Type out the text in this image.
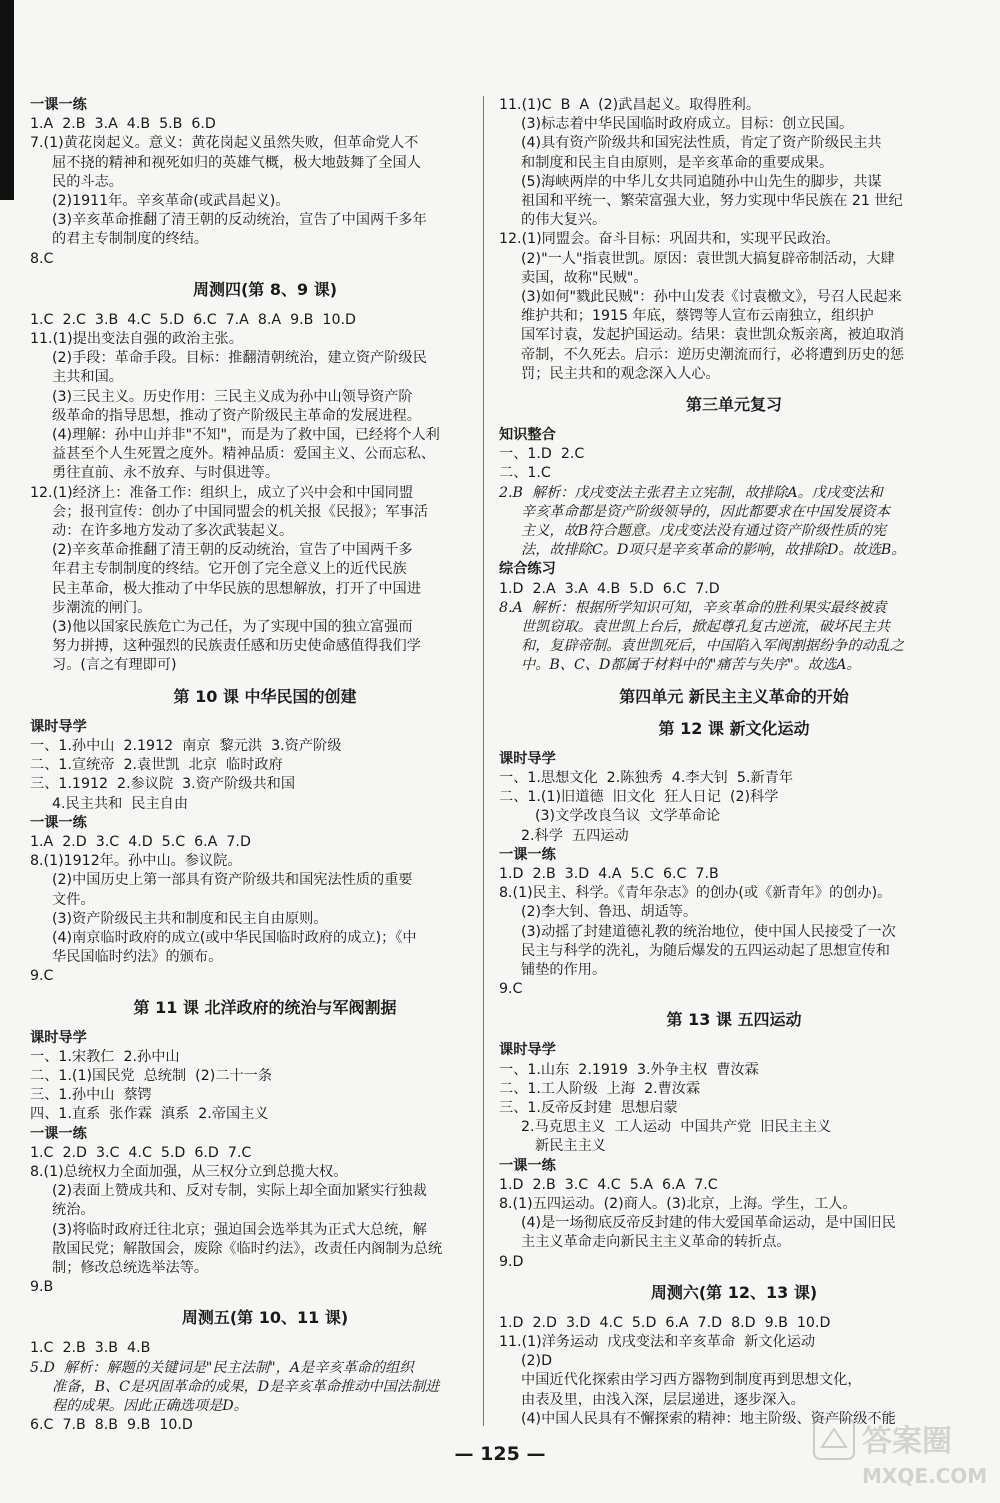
一课一练
1.A  2.B  3.A  4.B  5.B  6.D
7.(1)黄花岗起义。意义：黄花岗起义虽然失败，但革命党人不
屈不挠的精神和视死如归的英雄气概，极大地鼓舞了全国人
民的斗志。
(2)1911年。辛亥革命(或武昌起义)。
(3)辛亥革命推翻了清王朝的反动统治，宣告了中国两千多年
的君主专制制度的终结。
8.C
周测四(第 8、9 课)
1.C  2.C  3.B  4.C  5.D  6.C  7.A  8.A  9.B  10.D
11.(1)提出变法自强的政治主张。
(2)手段：革命手段。目标：推翻清朝统治，建立资产阶级民
主共和国。
(3)三民主义。历史作用：三民主义成为孙中山领导资产阶
级革命的指导思想，推动了资产阶级民主革命的发展进程。
(4)理解：孙中山并非"不知"，而是为了救中国，已经将个人利
益甚至个人生死置之度外。精神品质：爱国主义、公而忘私、
勇往直前、永不放弃、与时俱进等。
12.(1)经济上：准备工作：组织上，成立了兴中会和中国同盟
会；报刊宣传：创办了中国同盟会的机关报《民报》；军事活
动：在许多地方发动了多次武装起义。
(2)辛亥革命推翻了清王朝的反动统治，宣告了中国两千多
年君主专制制度的终结。它开创了完全意义上的近代民族
民主革命，极大推动了中华民族的思想解放，打开了中国进
步潮流的闸门。
(3)他以国家民族危亡为己任，为了实现中国的独立富强而
努力拼搏，这种强烈的民族责任感和历史使命感值得我们学
习。(言之有理即可)
第 10 课 中华民国的创建
课时导学
一、1.孙中山  2.1912  南京  黎元洪  3.资产阶级
二、1.宣统帝  2.袁世凯  北京  临时政府
三、1.1912  2.参议院  3.资产阶级共和国
4.民主共和  民主自由
一课一练
1.A  2.D  3.C  4.D  5.C  6.A  7.D
8.(1)1912年。孙中山。参议院。
(2)中国历史上第一部具有资产阶级共和国宪法性质的重要
文件。
(3)资产阶级民主共和制度和民主自由原则。
(4)南京临时政府的成立(或中华民国临时政府的成立)；《中
华民国临时约法》的颁布。
9.C
第 11 课 北洋政府的统治与军阀割据
课时导学
一、1.宋教仁  2.孙中山
二、1.(1)国民党  总统制  (2)二十一条
三、1.孙中山  蔡锷
四、1.直系  张作霖  滇系  2.帝国主义
一课一练
1.C  2.D  3.C  4.C  5.D  6.D  7.C
8.(1)总统权力全面加强，从三权分立到总揽大权。
(2)表面上赞成共和、反对专制，实际上却全面加紧实行独裁
统治。
(3)将临时政府迁往北京；强迫国会选举其为正式大总统，解
散国民党；解散国会，废除《临时约法》，改责任内阁制为总统
制；修改总统选举法等。
9.B
周测五(第 10、11 课)
1.C  2.B  3.B  4.B
5.D  解析：解题的关键词是"民主法制"，A是辛亥革命的组织
准备，B、C是巩固革命的成果，D是辛亥革命推动中国法制进
程的成果。因此正确选项是D。
6.C  7.B  8.B  9.B  10.D
11.(1)C  B  A  (2)武昌起义。取得胜利。
(3)标志着中华民国临时政府成立。目标：创立民国。
(4)具有资产阶级共和国宪法性质，肯定了资产阶级民主共
和制度和民主自由原则，是辛亥革命的重要成果。
(5)海峡两岸的中华儿女共同追随孙中山先生的脚步，共谋
祖国和平统一、繁荣富强大业，努力实现中华民族在 21 世纪
的伟大复兴。
12.(1)同盟会。奋斗目标：巩固共和，实现平民政治。
(2)"一人"指袁世凯。原因：袁世凯大搞复辟帝制活动，大肆
卖国，故称"民贼"。
(3)如何"戮此民贼"：孙中山发表《讨袁檄文》，号召人民起来
维护共和；1915 年底，蔡锷等人宣布云南独立，组织护
国军讨袁，发起护国运动。结果：袁世凯众叛亲离，被迫取消
帝制，不久死去。启示：逆历史潮流而行，必将遭到历史的惩
罚；民主共和的观念深入人心。
第三单元复习
知识整合
一、1.D  2.C
二、1.C
2.B  解析：戊戌变法主张君主立宪制，故排除A。戊戌变法和
辛亥革命都是资产阶级领导的，因此都要求在中国发展资本
主义，故B符合题意。戊戌变法没有通过资产阶级性质的宪
法，故排除C。D项只是辛亥革命的影响，故排除D。故选B。
综合练习
1.D  2.A  3.A  4.B  5.D  6.C  7.D
8.A  解析：根据所学知识可知，辛亥革命的胜利果实最终被袁
世凯窃取。袁世凯上台后，掀起尊孔复古逆流，破坏民主共
和，复辟帝制。袁世凯死后，中国陷入军阀割据纷争的动乱之
中。B、C、D都属于材料中的"痛苦与失序"。故选A。
第四单元 新民主主义革命的开始
第 12 课 新文化运动
课时导学
一、1.思想文化  2.陈独秀  4.李大钊  5.新青年
二、1.(1)旧道德  旧文化  狂人日记  (2)科学
(3)文学改良刍议  文学革命论
2.科学  五四运动
一课一练
1.D  2.B  3.D  4.A  5.C  6.C  7.B
8.(1)民主、科学。《青年杂志》的创办(或《新青年》的创办)。
(2)李大钊、鲁迅、胡适等。
(3)动摇了封建道德礼教的统治地位，使中国人民接受了一次
民主与科学的洗礼，为随后爆发的五四运动起了思想宣传和
铺垫的作用。
9.C
第 13 课 五四运动
课时导学
一、1.山东  2.1919  3.外争主权  曹汝霖
二、1.工人阶级  上海  2.曹汝霖
三、1.反帝反封建  思想启蒙
2.马克思主义  工人运动  中国共产党  旧民主主义
新民主主义
一课一练
1.D  2.B  3.C  4.C  5.A  6.A  7.C
8.(1)五四运动。(2)商人。(3)北京，上海。学生，工人。
(4)是一场彻底反帝反封建的伟大爱国革命运动，是中国旧民
主主义革命走向新民主主义革命的转折点。
9.D
周测六(第 12、13 课)
1.D  2.D  3.D  4.C  5.D  6.A  7.D  8.D  9.B  10.D
11.(1)洋务运动  戊戌变法和辛亥革命  新文化运动
(2)D
中国近代化探索由学习西方器物到制度再到思想文化，
由表及里，由浅入深，层层递进，逐步深入。
(4)中国人民具有不懈探索的精神：地主阶级、资产阶级不能
— 125 —	答案圈
MXQE.COM
